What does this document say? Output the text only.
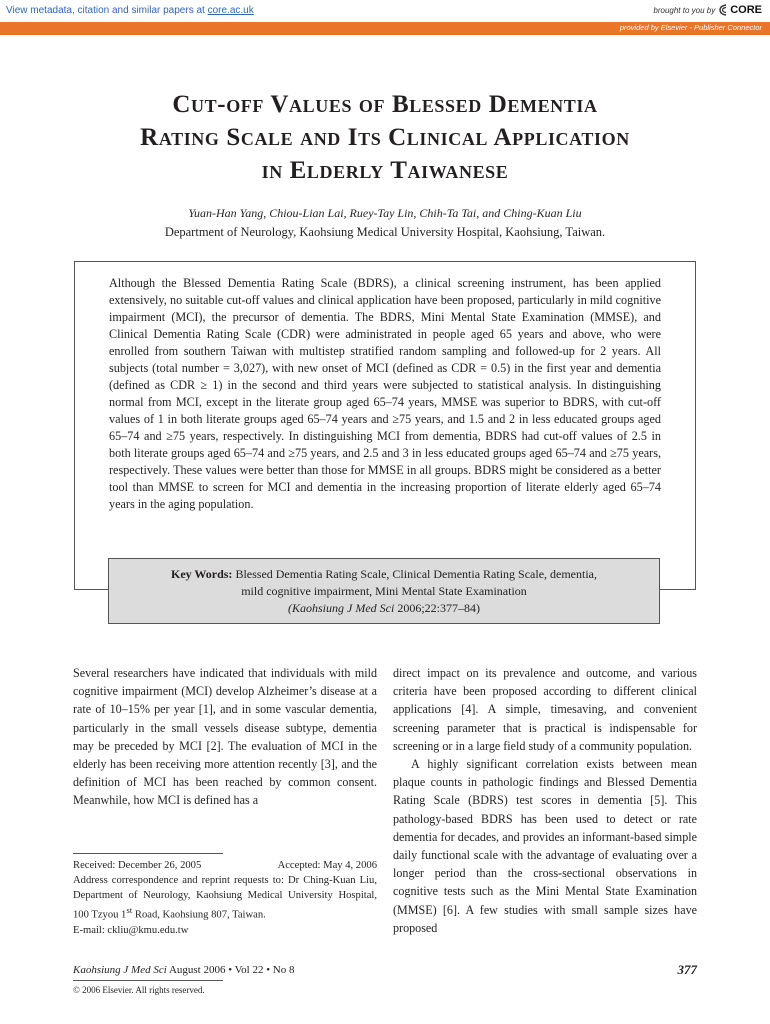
View metadata, citation and similar papers at core.ac.uk	brought to you by CORE
provided by Elsevier - Publisher Connector
Cut-off Values of Blessed Dementia
Rating Scale and Its Clinical Application
in Elderly Taiwanese
Yuan-Han Yang, Chiou-Lian Lai, Ruey-Tay Lin, Chih-Ta Tai, and Ching-Kuan Liu
Department of Neurology, Kaohsiung Medical University Hospital, Kaohsiung, Taiwan.

Although the Blessed Dementia Rating Scale (BDRS), a clinical screening instrument, has been applied extensively, no suitable cut-off values and clinical application have been proposed, particularly in mild cognitive impairment (MCI), the precursor of dementia. The BDRS, Mini Mental State Examination (MMSE), and Clinical Dementia Rating Scale (CDR) were administrated in people aged 65 years and above, who were enrolled from southern Taiwan with multistep stratified random sampling and followed-up for 2 years. All subjects (total number = 3,027), with new onset of MCI (defined as CDR = 0.5) in the first year and dementia (defined as CDR ≥ 1) in the second and third years were subjected to statistical analysis. In distinguishing normal from MCI, except in the literate group aged 65–74 years, MMSE was superior to BDRS, with cut-off values of 1 in both literate groups aged 65–74 years and ≥75 years, and 1.5 and 2 in less educated groups aged 65–74 and ≥75 years, respectively. In distinguishing MCI from dementia, BDRS had cut-off values of 2.5 in both literate groups aged 65–74 and ≥75 years, and 2.5 and 3 in less educated groups aged 65–74 and ≥75 years, respectively. These values were better than those for MMSE in all groups. BDRS might be considered as a better tool than MMSE to screen for MCI and dementia in the increasing proportion of literate elderly aged 65–74 years in the aging population.

Key Words: Blessed Dementia Rating Scale, Clinical Dementia Rating Scale, dementia,
mild cognitive impairment, Mini Mental State Examination
(Kaohsiung J Med Sci 2006;22:377–84)

Several researchers have indicated that individuals with mild cognitive impairment (MCI) develop Alzheimer’s disease at a rate of 10–15% per year [1], and in some vascular dementia, particularly in the small vessels disease subtype, dementia may be preceded by MCI [2]. The evaluation of MCI in the elderly has been receiving more attention recently [3], and the definition of MCI has been reached by common consent. Meanwhile, how MCI is defined has a

direct impact on its prevalence and outcome, and various criteria have been proposed according to different clinical applications [4]. A simple, timesaving, and convenient screening parameter that is practical is indispensable for screening or in a large field study of a community population.

A highly significant correlation exists between mean plaque counts in pathologic findings and Blessed Dementia Rating Scale (BDRS) test scores in dementia [5]. This pathology-based BDRS has been used to detect or rate dementia for decades, and provides an informant-based simple daily functional scale with the advantage of evaluating over a longer period than the cross-sectional observations in cognitive tests such as the Mini Mental State Examination (MMSE) [6]. A few studies with small sample sizes have proposed

Received: December 26, 2005	Accepted: May 4, 2006
Address correspondence and reprint requests to: Dr Ching-Kuan Liu, Department of Neurology, Kaohsiung Medical University Hospital, 100 Tzyou 1st Road, Kaohsiung 807, Taiwan.
E-mail: ckliu@kmu.edu.tw
Kaohsiung J Med Sci August 2006 • Vol 22 • No 8	377
© 2006 Elsevier. All rights reserved.
